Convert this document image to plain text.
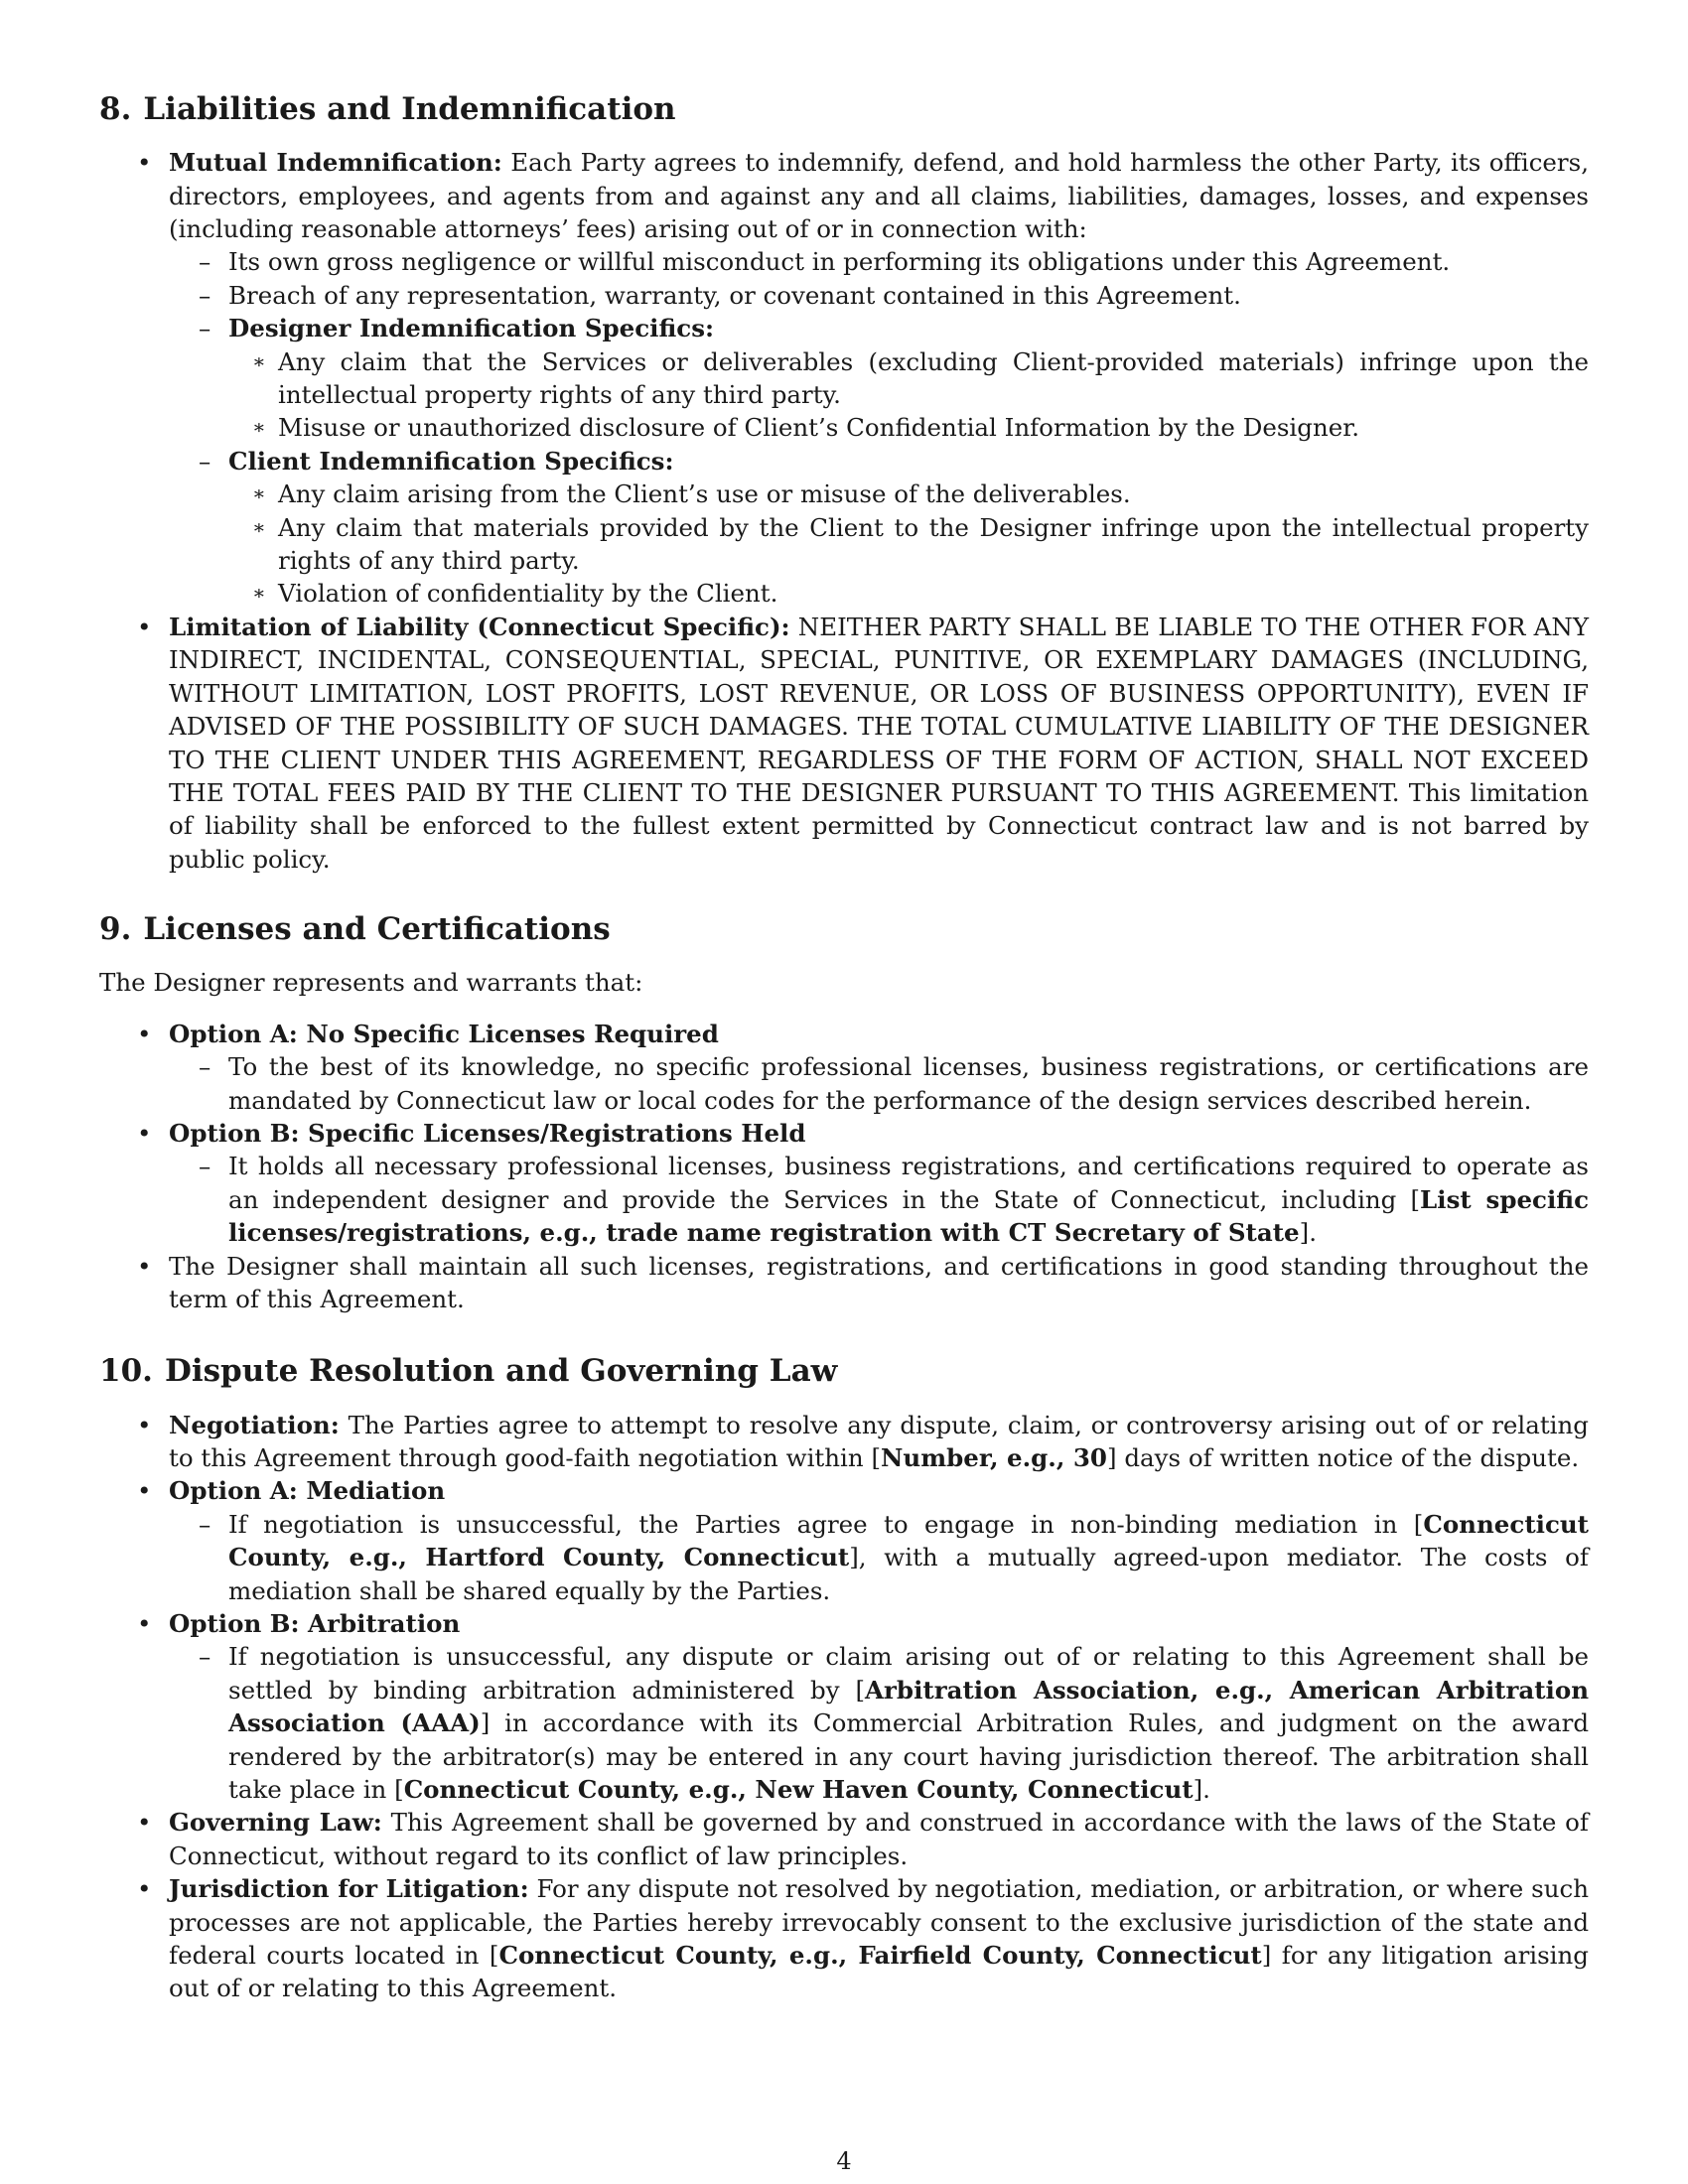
8. Liabilities and Indemnification
• Mutual Indemnification: Each Party agrees to indemnify, defend, and hold harmless the other Party, its officers, directors, employees, and agents from and against any and all claims, liabilities, damages, losses, and expenses (including reasonable attorneys’ fees) arising out of or in connection with:
– Its own gross negligence or willful misconduct in performing its obligations under this Agreement.
– Breach of any representation, warranty, or covenant contained in this Agreement.
– Designer Indemnification Specifics:
∗ Any claim that the Services or deliverables (excluding Client-provided materials) infringe upon the intellectual property rights of any third party.
∗ Misuse or unauthorized disclosure of Client’s Confidential Information by the Designer.
– Client Indemnification Specifics:
∗ Any claim arising from the Client’s use or misuse of the deliverables.
∗ Any claim that materials provided by the Client to the Designer infringe upon the intellectual property rights of any third party.
∗ Violation of confidentiality by the Client.
• Limitation of Liability (Connecticut Specific): NEITHER PARTY SHALL BE LIABLE TO THE OTHER FOR ANY INDIRECT, INCIDENTAL, CONSEQUENTIAL, SPECIAL, PUNITIVE, OR EXEMPLARY DAMAGES (INCLUDING, WITHOUT LIMITATION, LOST PROFITS, LOST REVENUE, OR LOSS OF BUSINESS OPPORTUNITY), EVEN IF ADVISED OF THE POSSIBILITY OF SUCH DAMAGES. THE TOTAL CUMULATIVE LIABILITY OF THE DESIGNER TO THE CLIENT UNDER THIS AGREEMENT, REGARDLESS OF THE FORM OF ACTION, SHALL NOT EXCEED THE TOTAL FEES PAID BY THE CLIENT TO THE DESIGNER PURSUANT TO THIS AGREEMENT. This limitation of liability shall be enforced to the fullest extent permitted by Connecticut contract law and is not barred by public policy.
9. Licenses and Certifications

The Designer represents and warrants that:

• Option A: No Specific Licenses Required
– To the best of its knowledge, no specific professional licenses, business registrations, or certifications are mandated by Connecticut law or local codes for the performance of the design services described herein.
• Option B: Specific Licenses/Registrations Held
– It holds all necessary professional licenses, business registrations, and certifications required to operate as an independent designer and provide the Services in the State of Connecticut, including [List specific licenses/registrations, e.g., trade name registration with CT Secretary of State].
• The Designer shall maintain all such licenses, registrations, and certifications in good standing throughout the term of this Agreement.
10. Dispute Resolution and Governing Law
• Negotiation: The Parties agree to attempt to resolve any dispute, claim, or controversy arising out of or relating to this Agreement through good-faith negotiation within [Number, e.g., 30] days of written notice of the dispute.
• Option A: Mediation
– If negotiation is unsuccessful, the Parties agree to engage in non-binding mediation in [Connecticut County, e.g., Hartford County, Connecticut], with a mutually agreed-upon mediator. The costs of mediation shall be shared equally by the Parties.
• Option B: Arbitration
– If negotiation is unsuccessful, any dispute or claim arising out of or relating to this Agreement shall be settled by binding arbitration administered by [Arbitration Association, e.g., American Arbitration Association (AAA)] in accordance with its Commercial Arbitration Rules, and judgment on the award rendered by the arbitrator(s) may be entered in any court having jurisdiction thereof. The arbitration shall take place in [Connecticut County, e.g., New Haven County, Connecticut].
• Governing Law: This Agreement shall be governed by and construed in accordance with the laws of the State of Connecticut, without regard to its conflict of law principles.
• Jurisdiction for Litigation: For any dispute not resolved by negotiation, mediation, or arbitration, or where such processes are not applicable, the Parties hereby irrevocably consent to the exclusive jurisdiction of the state and federal courts located in [Connecticut County, e.g., Fairfield County, Connecticut] for any litigation arising out of or relating to this Agreement.
4
